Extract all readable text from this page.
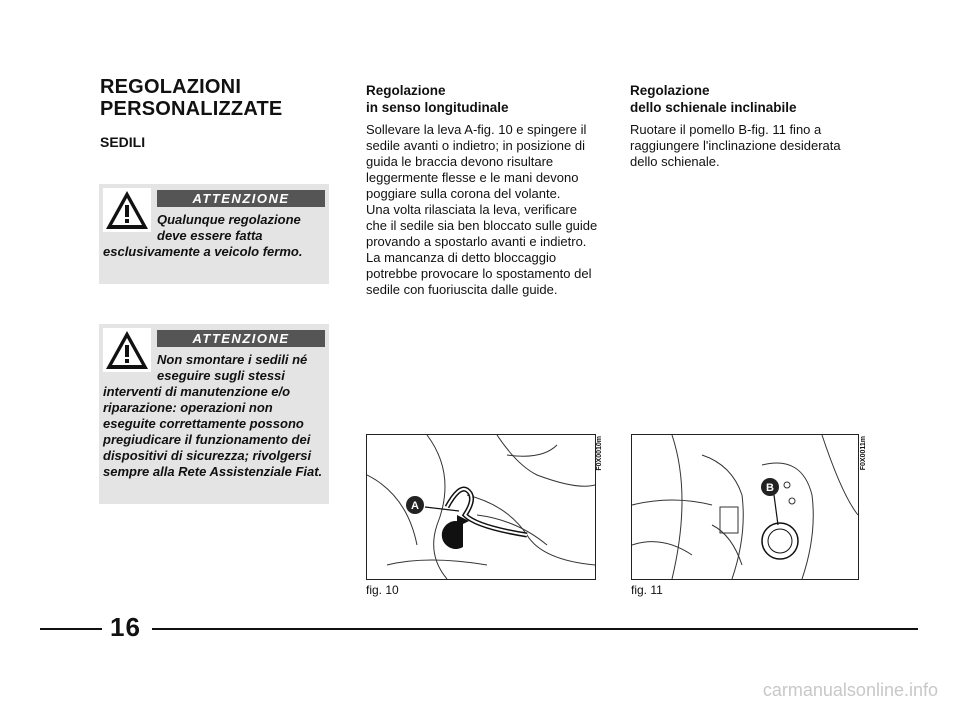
REGOLAZIONI
PERSONALIZZATE
SEDILI
ATTENZIONE
Qualunque regolazione deve essere fatta esclusivamente a veicolo fermo.
ATTENZIONE
Non smontare i sedili né eseguire sugli stessi interventi di manutenzione e/o riparazione: operazioni non eseguite correttamente possono pregiudicare il funzionamento dei dispositivi di sicurezza; rivolgersi sempre alla Rete Assistenziale Fiat.
Regolazione
in senso longitudinale
Sollevare la leva A-fig. 10 e spingere il sedile avanti o indietro; in posizione di guida le braccia devono risultare leggermente flesse e le mani devono poggiare sulla corona del volante.
Una volta rilasciata la leva, verificare che il sedile sia ben bloccato sulle guide provando a spostarlo avanti e indietro. La mancanza di detto bloccaggio potrebbe provocare lo spostamento del sedile con fuoriuscita dalle guide.
Regolazione
dello schienale inclinabile
Ruotare il pomello B-fig. 11 fino a raggiungere l'inclinazione desiderata dello schienale.
A
F0X0010m
fig. 10
B
F0X0011m
fig. 11
16
carmanualsonline.info
